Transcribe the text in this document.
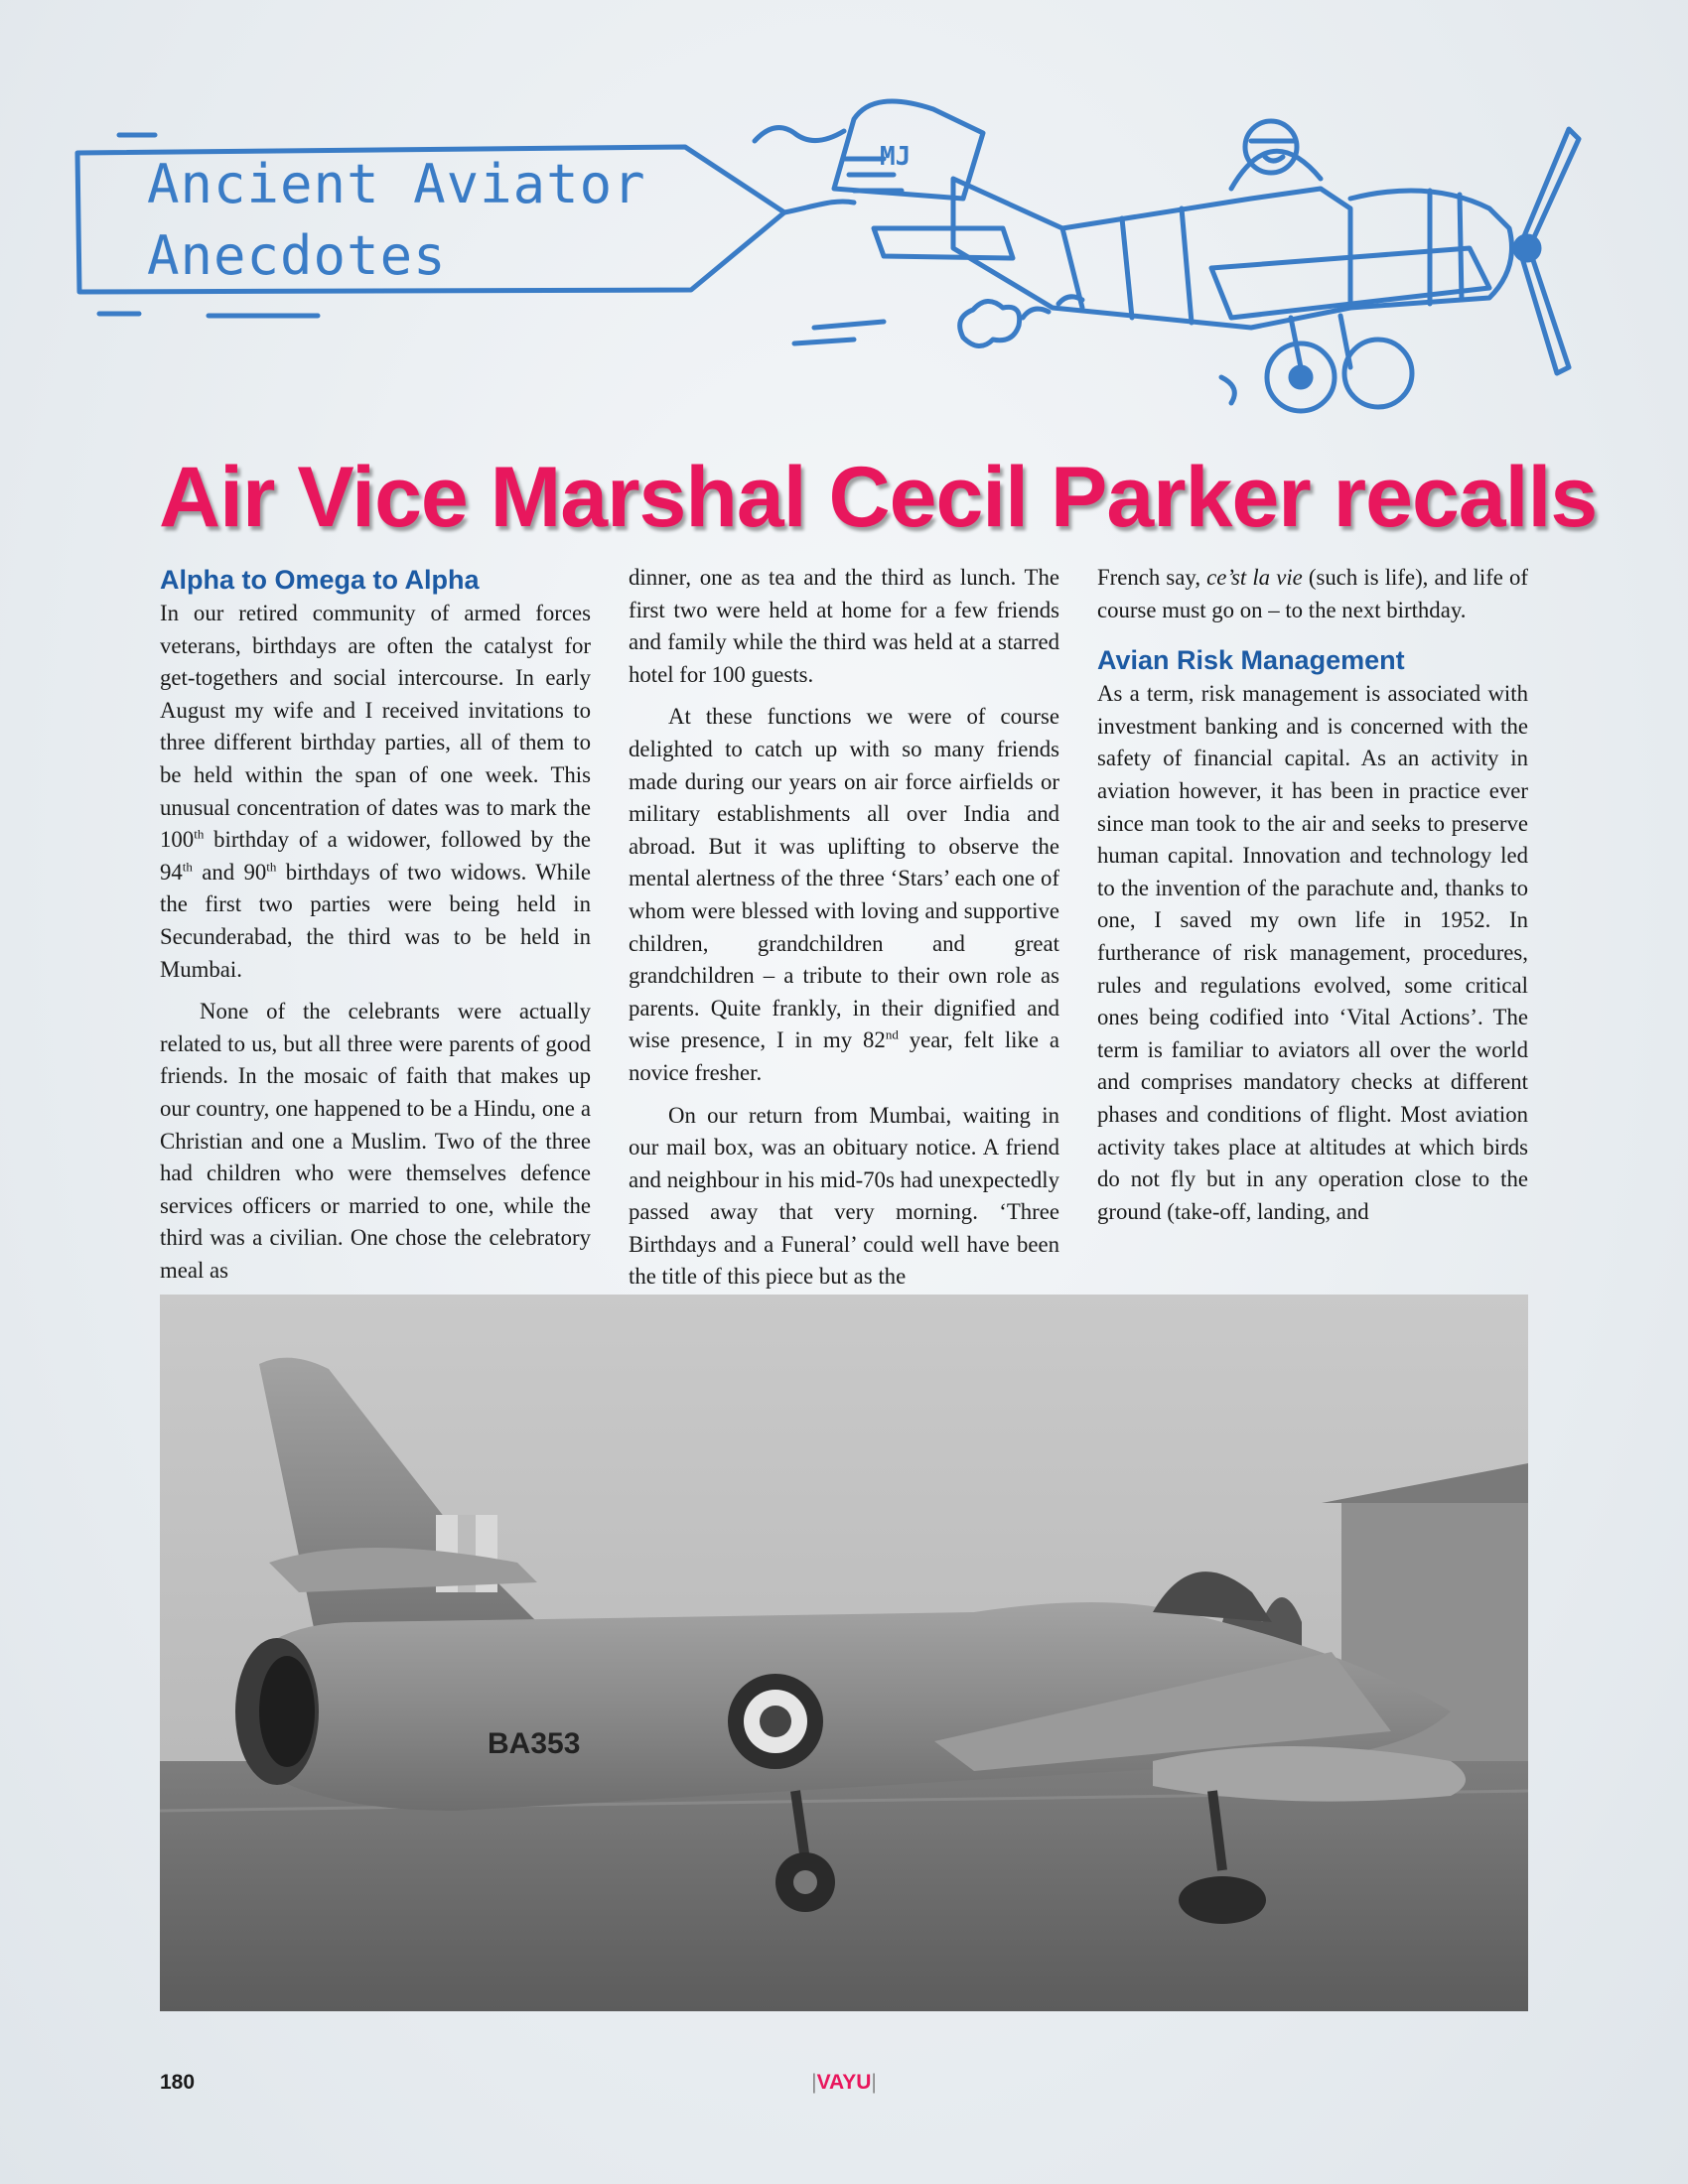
MJ
Ancient Aviator
Anecdotes
Air Vice Marshal Cecil Parker recalls
Alpha to Omega to Alpha

In our retired community of armed forces veterans, birthdays are often the catalyst for get-togethers and social intercourse. In early August my wife and I received invitations to three different birthday parties, all of them to be held within the span of one week. This unusual concentration of dates was to mark the 100th birthday of a widower, followed by the 94th and 90th birthdays of two widows. While the first two parties were being held in Secunderabad, the third was to be held in Mumbai.

None of the celebrants were actually related to us, but all three were parents of good friends. In the mosaic of faith that makes up our country, one happened to be a Hindu, one a Christian and one a Muslim. Two of the three had children who were themselves defence services officers or married to one, while the third was a civilian. One chose the celebratory meal as

dinner, one as tea and the third as lunch. The first two were held at home for a few friends and family while the third was held at a starred hotel for 100 guests.

At these functions we were of course delighted to catch up with so many friends made during our years on air force airfields or military establishments all over India and abroad. But it was uplifting to observe the mental alertness of the three ‘Stars’ each one of whom were blessed with loving and supportive children, grandchildren and great grandchildren – a tribute to their own role as parents. Quite frankly, in their dignified and wise presence, I in my 82nd year, felt like a novice fresher.

On our return from Mumbai, waiting in our mail box, was an obituary notice. A friend and neighbour in his mid-70s had unexpectedly passed away that very morning. ‘Three Birthdays and a Funeral’ could well have been the title of this piece but as the

French say, ce’st la vie (such is life), and life of course must go on – to the next birthday.

Avian Risk Management

As a term, risk management is associated with investment banking and is concerned with the safety of financial capital. As an activity in aviation however, it has been in practice ever since man took to the air and seeks to preserve human capital. Innovation and technology led to the invention of the parachute and, thanks to one, I saved my own life in 1952. In furtherance of risk management, procedures, rules and regulations evolved, some critical ones being codified into ‘Vital Actions’. The term is familiar to aviators all over the world and comprises mandatory checks at different phases and conditions of flight. Most aviation activity takes place at altitudes at which birds do not fly but in any operation close to the ground (take-off, landing, and

BA353
180	|VAYU|
